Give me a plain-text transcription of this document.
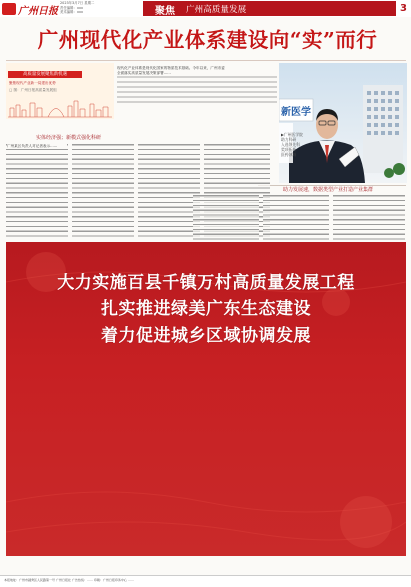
广州日报
2023年3月7日 星期二
责任编辑：xxx
美术编辑：xxx	聚焦 广州高质量发展	3
广州现代化产业体系建设向“实”而行
高质量发展聚焦新机遇
聚焦现代产业新一局建出优势
▢ 图：广州日报高质量发展组
现代化产业体系是现代化国家的物质技术基础。今年以来，广州市委
全面落实高质量发展决策部署……
新医学
▶广州医学院
助力科研
入选领先科
奖项拓新
医药领域
助力发展速，数据类型产业打造产业集群
实体经济强；新模式强化科研
广州某区负责人对记者表示……
大力实施百县千镇万村高质量发展工程
扎实推进绿美广东生态建设
着力促进城乡区域协调发展
本报地址：广州市越秀区人民路第一号 广州日报社 广告热线：…… 印刷：广州日报印务中心 ……
